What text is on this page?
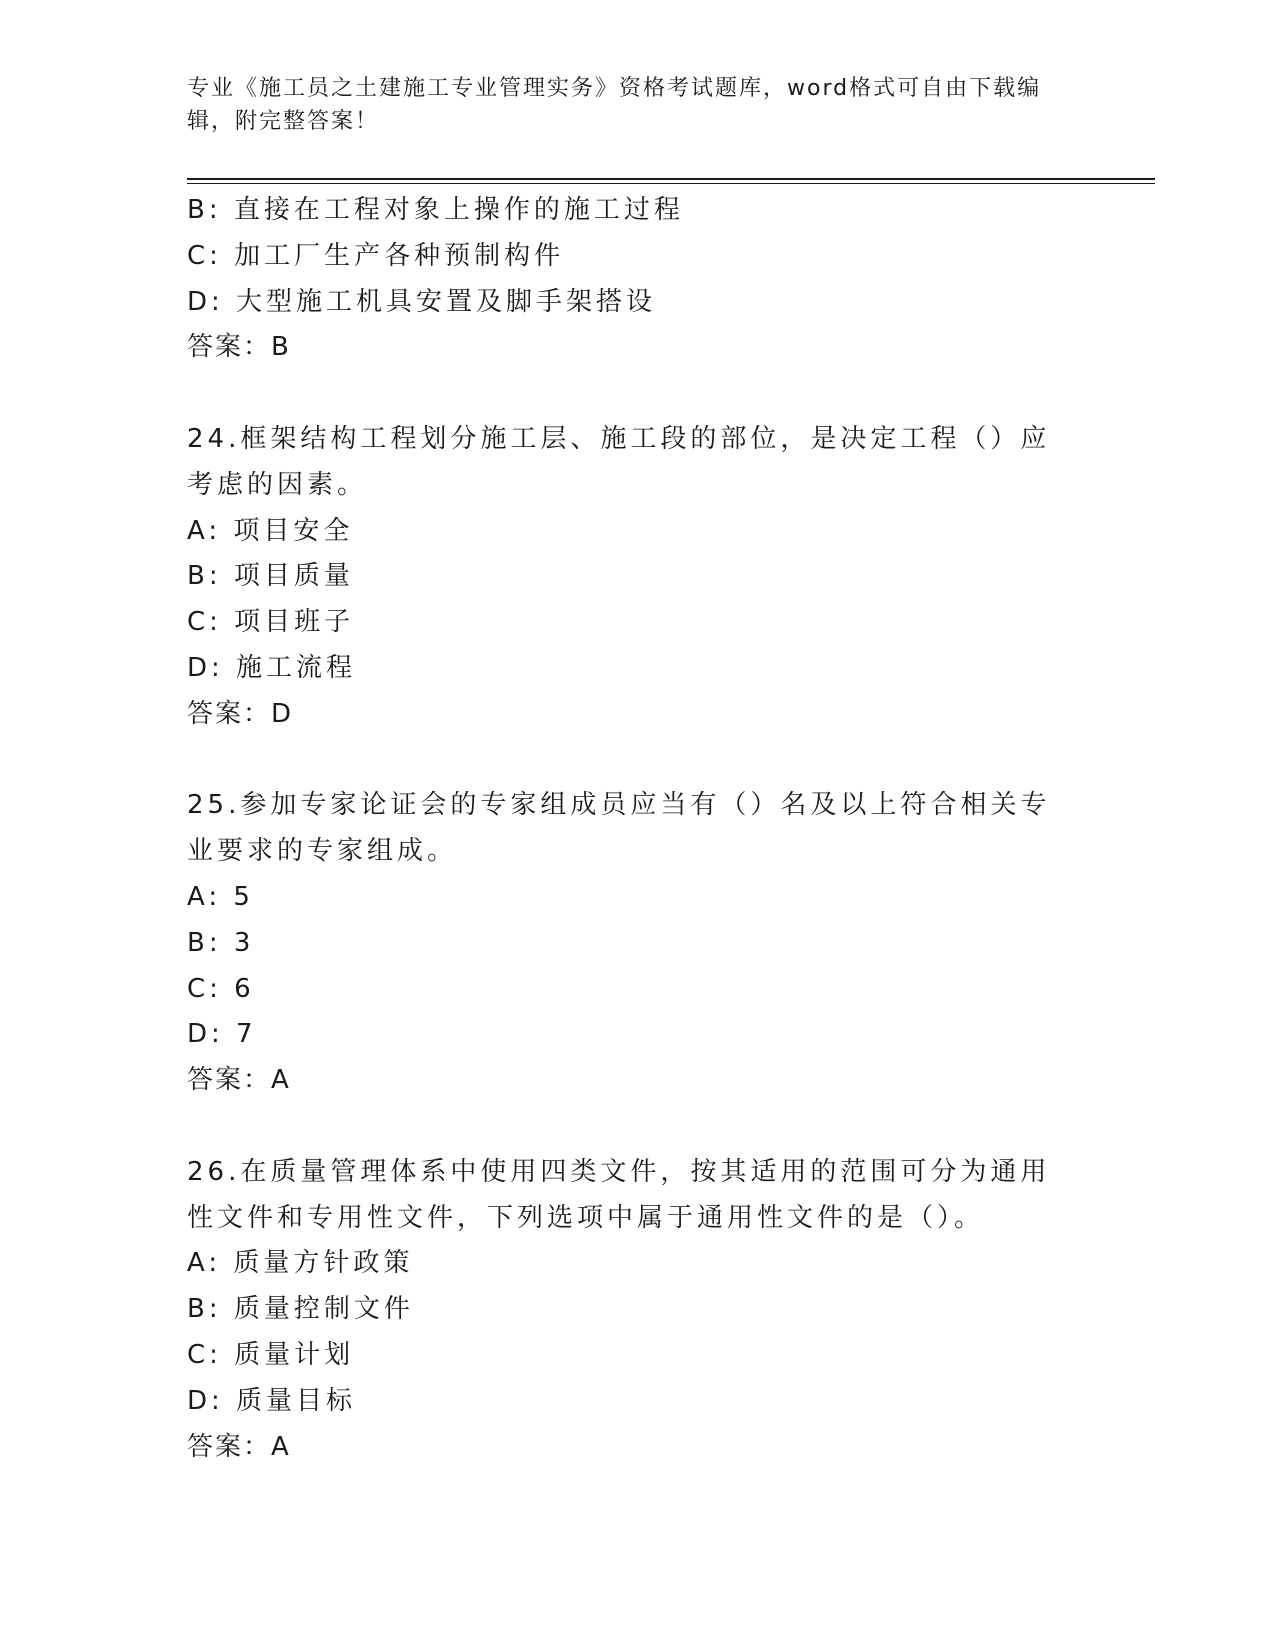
专业《施工员之土建施工专业管理实务》资格考试题库，word格式可自由下载编辑，附完整答案！
B: 直接在工程对象上操作的施工过程
C: 加工厂生产各种预制构件
D: 大型施工机具安置及脚手架搭设
答案：B
24.框架结构工程划分施工层、施工段的部位，是决定工程（）应考虑的因素。
A: 项目安全
B: 项目质量
C: 项目班子
D: 施工流程
答案：D
25.参加专家论证会的专家组成员应当有（）名及以上符合相关专业要求的专家组成。
A: 5
B: 3
C: 6
D: 7
答案：A
26.在质量管理体系中使用四类文件，按其适用的范围可分为通用性文件和专用性文件，下列选项中属于通用性文件的是（）。
A: 质量方针政策
B: 质量控制文件
C: 质量计划
D: 质量目标
答案：A
